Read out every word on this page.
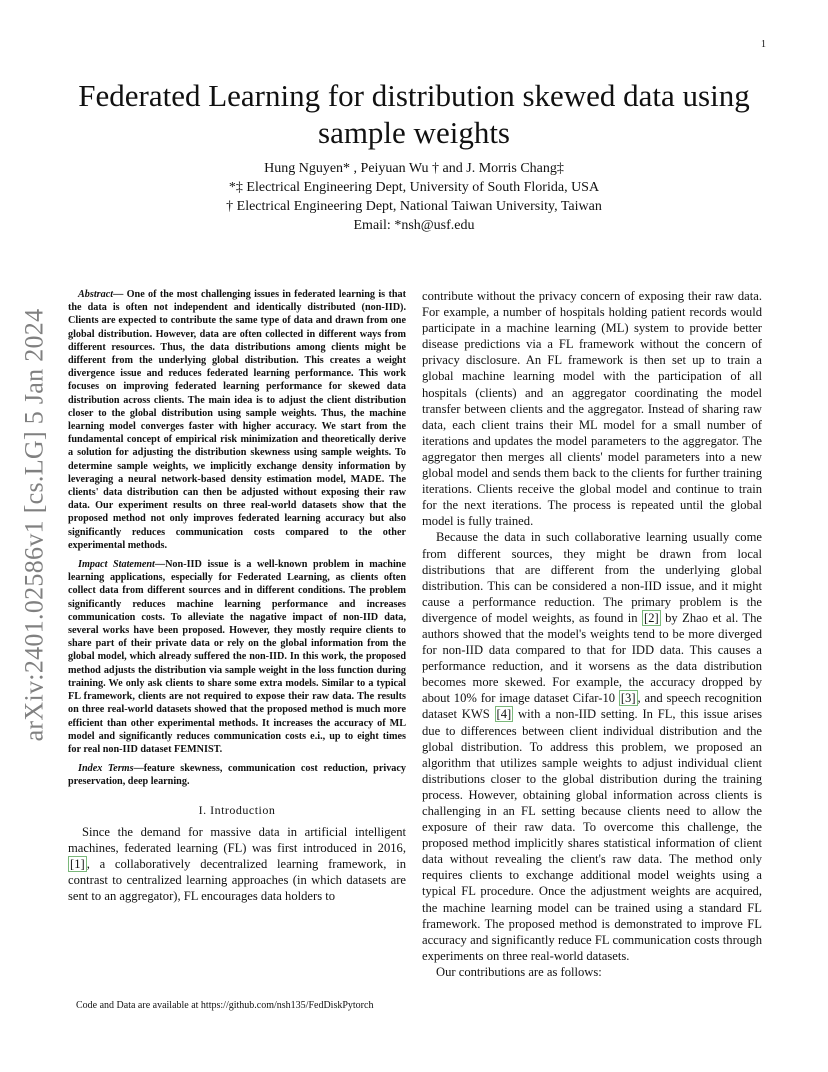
1
arXiv:2401.02586v1 [cs.LG] 5 Jan 2024
Federated Learning for distribution skewed data using sample weights
Hung Nguyen* , Peiyuan Wu † and J. Morris Chang‡
*‡ Electrical Engineering Dept, University of South Florida, USA
† Electrical Engineering Dept, National Taiwan University, Taiwan
Email: *nsh@usf.edu

Abstract— One of the most challenging issues in federated learning is that the data is often not independent and identically distributed (non-IID). Clients are expected to contribute the same type of data and drawn from one global distribution. However, data are often collected in different ways from different resources. Thus, the data distributions among clients might be different from the underlying global distribution. This creates a weight divergence issue and reduces federated learning performance. This work focuses on improving federated learning performance for skewed data distribution across clients. The main idea is to adjust the client distribution closer to the global distribution using sample weights. Thus, the machine learning model converges faster with higher accuracy. We start from the fundamental concept of empirical risk minimization and theoretically derive a solution for adjusting the distribution skewness using sample weights. To determine sample weights, we implicitly exchange density information by leveraging a neural network-based density estimation model, MADE. The clients' data distribution can then be adjusted without exposing their raw data. Our experiment results on three real-world datasets show that the proposed method not only improves federated learning accuracy but also significantly reduces communication costs compared to the other experimental methods.

Impact Statement—Non-IID issue is a well-known problem in machine learning applications, especially for Federated Learning, as clients often collect data from different sources and in different conditions. The problem significantly reduces machine learning performance and increases communication costs. To alleviate the nagative impact of non-IID data, several works have been proposed. However, they mostly require clients to share part of their private data or rely on the global information from the global model, which already suffered the non-IID. In this work, the proposed method adjusts the distribution via sample weight in the loss function during training. We only ask clients to share some extra models. Similar to a typical FL framework, clients are not required to expose their raw data. The results on three real-world datasets showed that the proposed method is much more efficient than other experimental methods. It increases the accuracy of ML model and significantly reduces communication costs e.i., up to eight times for real non-IID dataset FEMNIST.

Index Terms—feature skewness, communication cost reduction, privacy preservation, deep learning.

I. Introduction

Since the demand for massive data in artificial intelligent machines, federated learning (FL) was first introduced in 2016, [1] , a collaboratively decentralized learning framework, in contrast to centralized learning approaches (in which datasets are sent to an aggregator), FL encourages data holders to

Code and Data are available at https://github.com/nsh135/FedDiskPytorch

contribute without the privacy concern of exposing their raw data. For example, a number of hospitals holding patient records would participate in a machine learning (ML) system to provide better disease predictions via a FL framework without the concern of privacy disclosure. An FL framework is then set up to train a global machine learning model with the participation of all hospitals (clients) and an aggregator coordinating the model transfer between clients and the aggregator. Instead of sharing raw data, each client trains their ML model for a small number of iterations and updates the model parameters to the aggregator. The aggregator then merges all clients' model parameters into a new global model and sends them back to the clients for further training iterations. Clients receive the global model and continue to train for the next iterations. The process is repeated until the global model is fully trained.

Because the data in such collaborative learning usually come from different sources, they might be drawn from local distributions that are different from the underlying global distribution. This can be considered a non-IID issue, and it might cause a performance reduction. The primary problem is the divergence of model weights, as found in [2] by Zhao et al. The authors showed that the model's weights tend to be more diverged for non-IID data compared to that for IDD data. This causes a performance reduction, and it worsens as the data distribution becomes more skewed. For example, the accuracy dropped by about 10% for image dataset Cifar-10 [3] , and speech recognition dataset KWS [4] with a non-IID setting. In FL, this issue arises due to differences between client individual distribution and the global distribution. To address this problem, we proposed an algorithm that utilizes sample weights to adjust individual client distributions closer to the global distribution during the training process. However, obtaining global information across clients is challenging in an FL setting because clients need to allow the exposure of their raw data. To overcome this challenge, the proposed method implicitly shares statistical information of client data without revealing the client's raw data. The method only requires clients to exchange additional model weights using a typical FL procedure. Once the adjustment weights are acquired, the machine learning model can be trained using a standard FL framework. The proposed method is demonstrated to improve FL accuracy and significantly reduce FL communication costs through experiments on three real-world datasets.

Our contributions are as follows:
